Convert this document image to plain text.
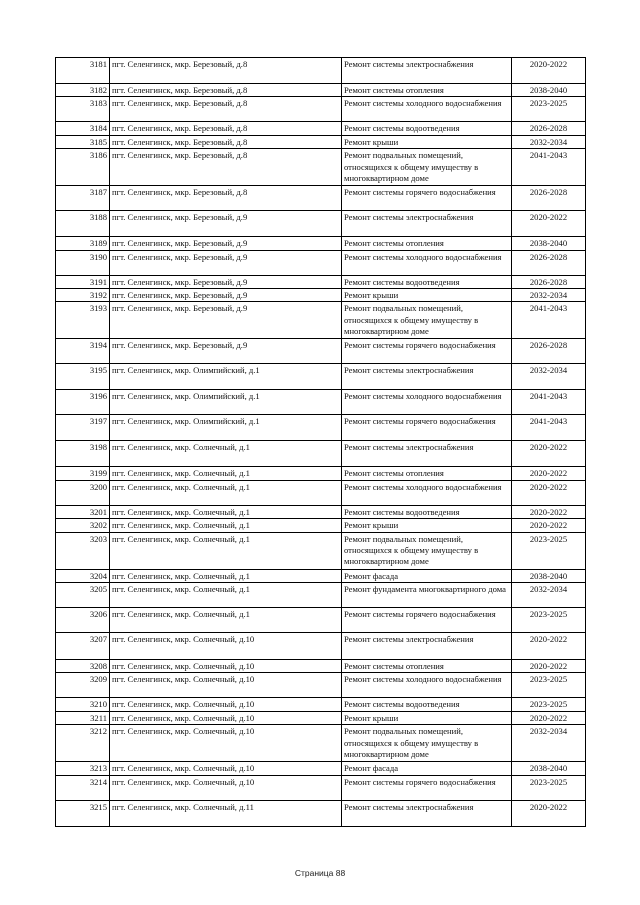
3181	пгт. Селенгинск, мкр. Березовый, д.8	Ремонт системы электроснабжения	2020-2022
3182	пгт. Селенгинск, мкр. Березовый, д.8	Ремонт системы отопления	2038-2040
3183	пгт. Селенгинск, мкр. Березовый, д.8	Ремонт системы холодного водоснабжения	2023-2025
3184	пгт. Селенгинск, мкр. Березовый, д.8	Ремонт системы водоотведения	2026-2028
3185	пгт. Селенгинск, мкр. Березовый, д.8	Ремонт крыши	2032-2034
3186	пгт. Селенгинск, мкр. Березовый, д.8	Ремонт подвальных помещений, относящихся к общему имуществу в многоквартирном доме	2041-2043
3187	пгт. Селенгинск, мкр. Березовый, д.8	Ремонт системы горячего водоснабжения	2026-2028
3188	пгт. Селенгинск, мкр. Березовый, д.9	Ремонт системы электроснабжения	2020-2022
3189	пгт. Селенгинск, мкр. Березовый, д.9	Ремонт системы отопления	2038-2040
3190	пгт. Селенгинск, мкр. Березовый, д.9	Ремонт системы холодного водоснабжения	2026-2028
3191	пгт. Селенгинск, мкр. Березовый, д.9	Ремонт системы водоотведения	2026-2028
3192	пгт. Селенгинск, мкр. Березовый, д.9	Ремонт крыши	2032-2034
3193	пгт. Селенгинск, мкр. Березовый, д.9	Ремонт подвальных помещений, относящихся к общему имуществу в многоквартирном доме	2041-2043
3194	пгт. Селенгинск, мкр. Березовый, д.9	Ремонт системы горячего водоснабжения	2026-2028
3195	пгт. Селенгинск, мкр. Олимпийский, д.1	Ремонт системы электроснабжения	2032-2034
3196	пгт. Селенгинск, мкр. Олимпийский, д.1	Ремонт системы холодного водоснабжения	2041-2043
3197	пгт. Селенгинск, мкр. Олимпийский, д.1	Ремонт системы горячего водоснабжения	2041-2043
3198	пгт. Селенгинск, мкр. Солнечный, д.1	Ремонт системы электроснабжения	2020-2022
3199	пгт. Селенгинск, мкр. Солнечный, д.1	Ремонт системы отопления	2020-2022
3200	пгт. Селенгинск, мкр. Солнечный, д.1	Ремонт системы холодного водоснабжения	2020-2022
3201	пгт. Селенгинск, мкр. Солнечный, д.1	Ремонт системы водоотведения	2020-2022
3202	пгт. Селенгинск, мкр. Солнечный, д.1	Ремонт крыши	2020-2022
3203	пгт. Селенгинск, мкр. Солнечный, д.1	Ремонт подвальных помещений, относящихся к общему имуществу в многоквартирном доме	2023-2025
3204	пгт. Селенгинск, мкр. Солнечный, д.1	Ремонт фасада	2038-2040
3205	пгт. Селенгинск, мкр. Солнечный, д.1	Ремонт фундамента многоквартирного дома	2032-2034
3206	пгт. Селенгинск, мкр. Солнечный, д.1	Ремонт системы горячего водоснабжения	2023-2025
3207	пгт. Селенгинск, мкр. Солнечный, д.10	Ремонт системы электроснабжения	2020-2022
3208	пгт. Селенгинск, мкр. Солнечный, д.10	Ремонт системы отопления	2020-2022
3209	пгт. Селенгинск, мкр. Солнечный, д.10	Ремонт системы холодного водоснабжения	2023-2025
3210	пгт. Селенгинск, мкр. Солнечный, д.10	Ремонт системы водоотведения	2023-2025
3211	пгт. Селенгинск, мкр. Солнечный, д.10	Ремонт крыши	2020-2022
3212	пгт. Селенгинск, мкр. Солнечный, д.10	Ремонт подвальных помещений, относящихся к общему имуществу в многоквартирном доме	2032-2034
3213	пгт. Селенгинск, мкр. Солнечный, д.10	Ремонт фасада	2038-2040
3214	пгт. Селенгинск, мкр. Солнечный, д.10	Ремонт системы горячего водоснабжения	2023-2025
3215	пгт. Селенгинск, мкр. Солнечный, д.11	Ремонт системы электроснабжения	2020-2022
Страница 88
